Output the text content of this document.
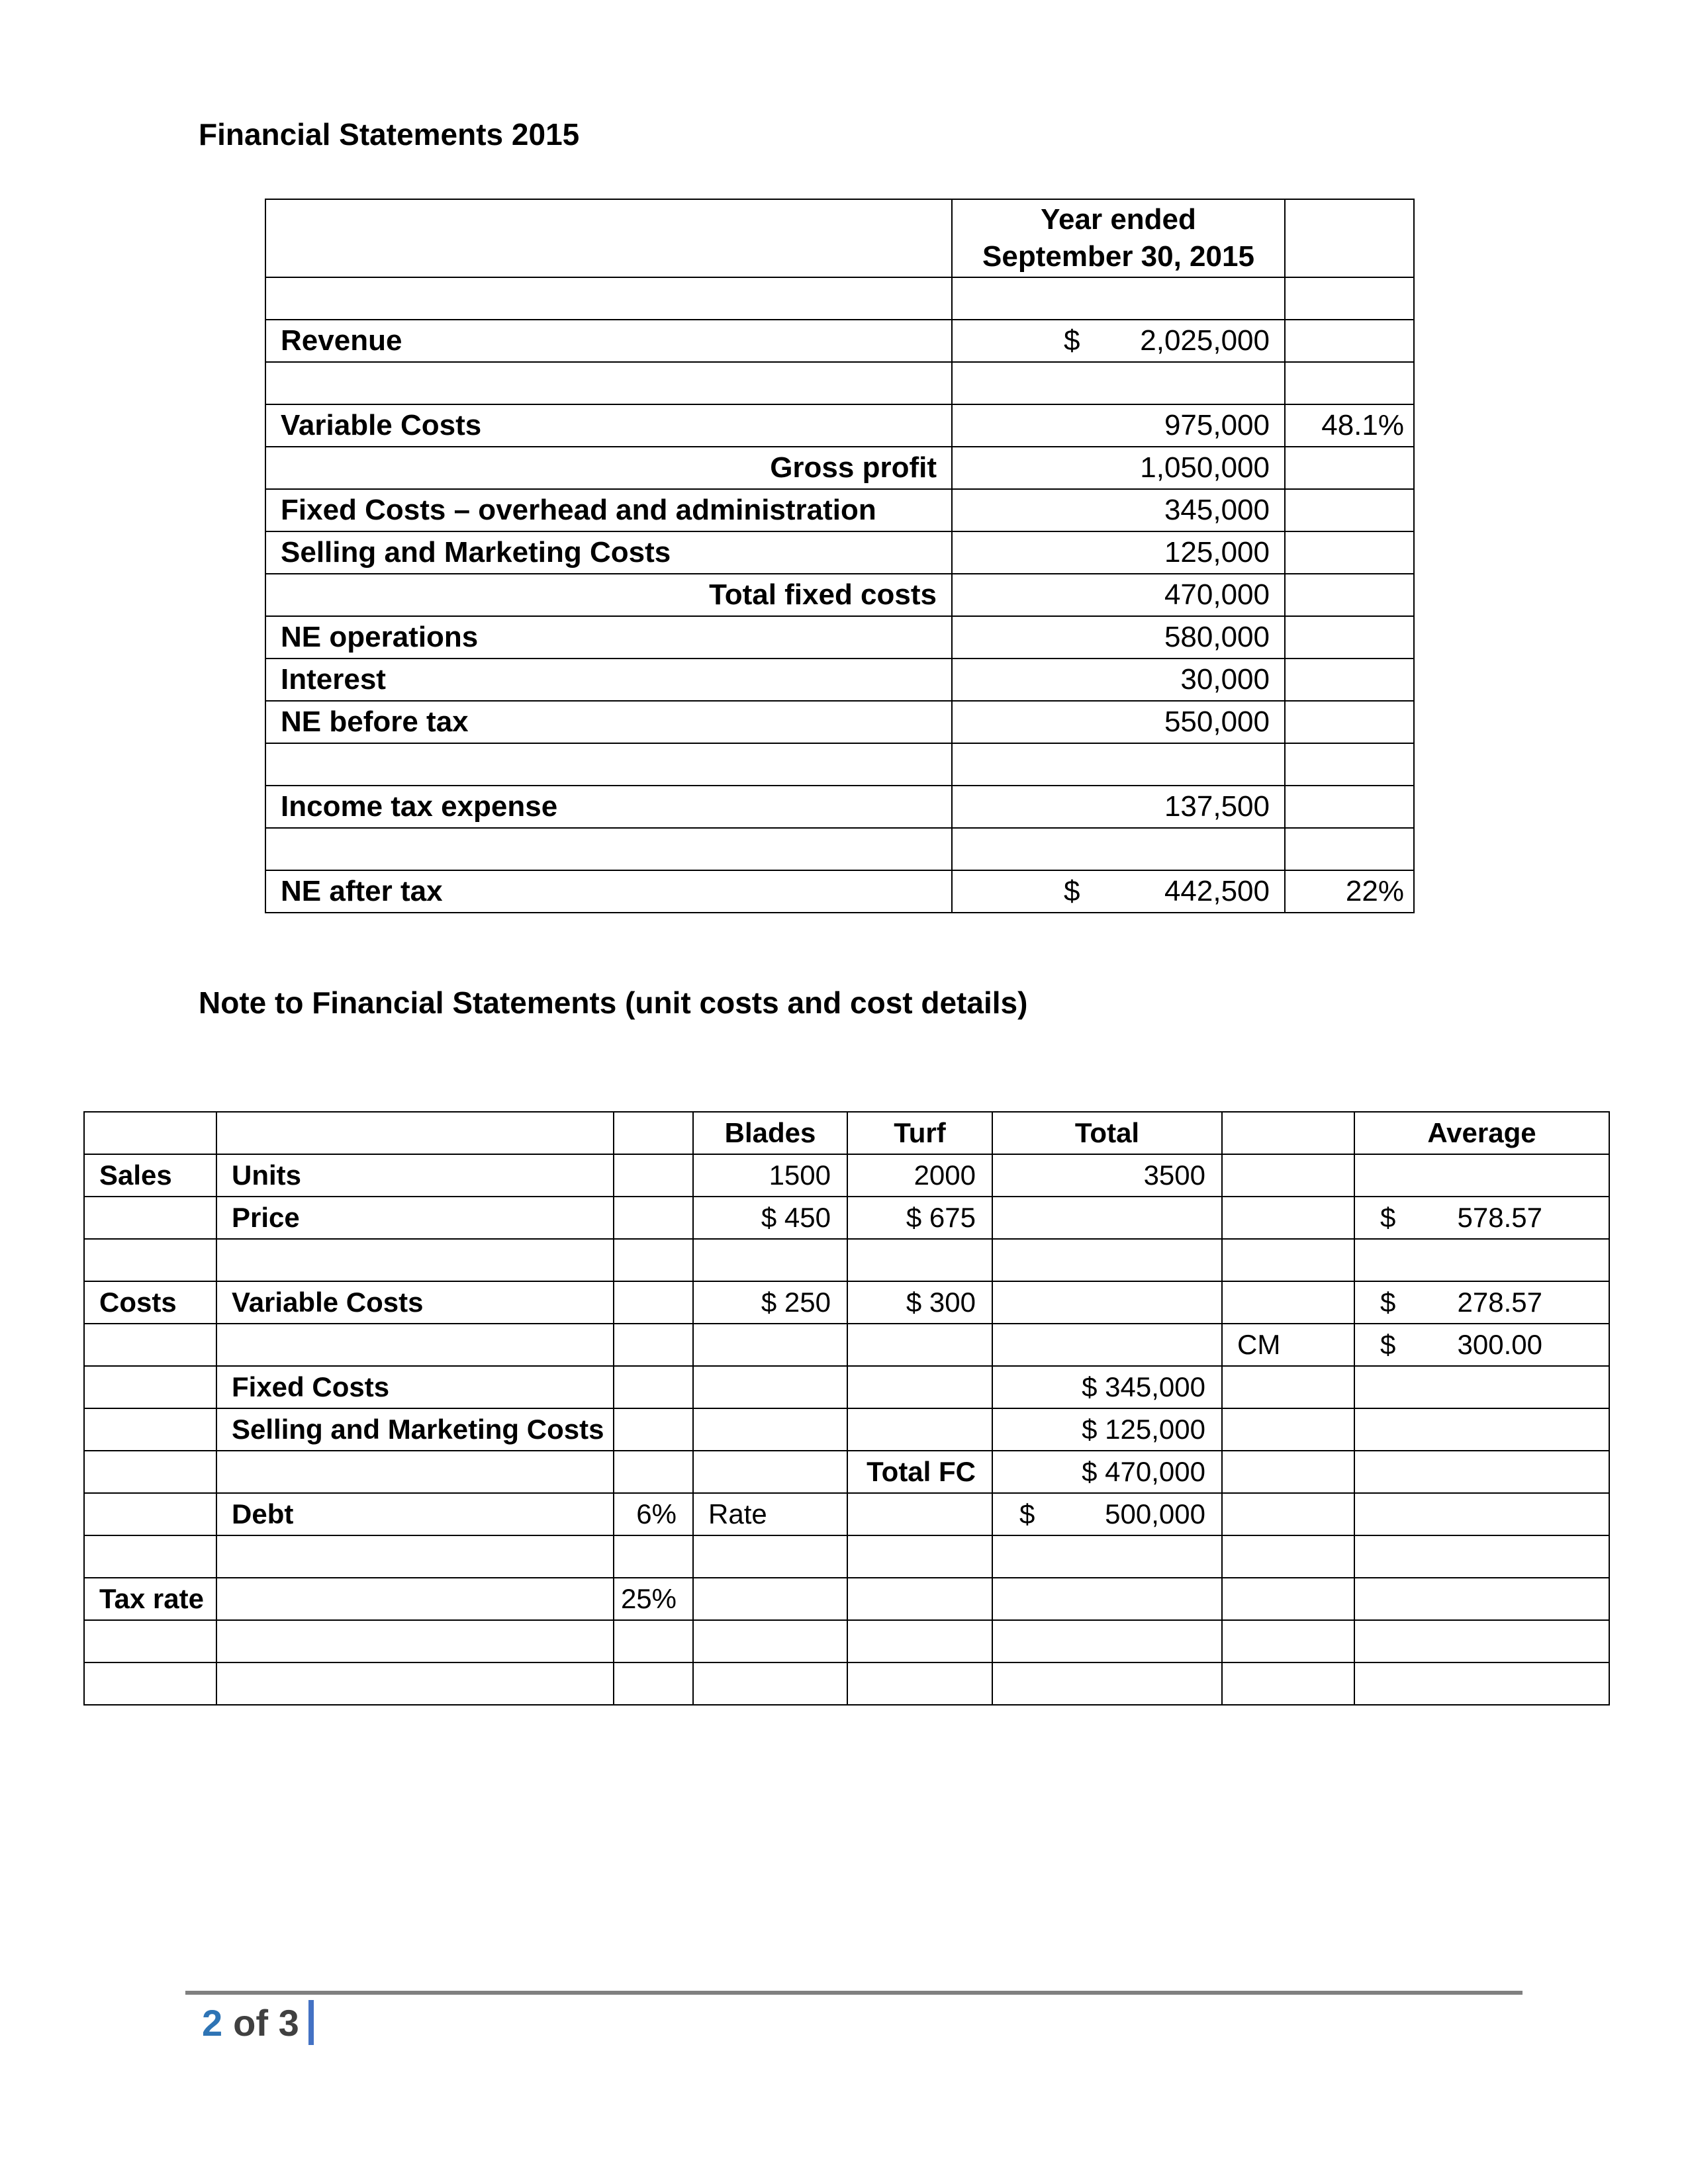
Financial Statements 2015

	Year ended
September 30, 2015	

Revenue	$ 2,025,000	

Variable Costs	975,000	48.1%
Gross profit	1,050,000	
Fixed Costs – overhead and administration	345,000	
Selling and Marketing Costs	125,000	
Total fixed costs	470,000	
NE operations	580,000	
Interest	30,000	
NE before tax	550,000	

Income tax expense	137,500	

NE after tax	$ 442,500	22%
Note to Financial Statements (unit costs and cost details)
			Blades	Turf	Total		Average
Sales	Units		1500	2000	3500		
	Price		$ 450	$ 675			$ 578.57

Costs	Variable Costs		$ 250	$ 300			$ 278.57

						CM	$ 300.00

	Fixed Costs				$ 345,000		
	Selling and Marketing Costs				$ 125,000		
				Total FC	$ 470,000		
	Debt	6%	Rate		$ 500,000		

Tax rate		25%					

2 of 3
